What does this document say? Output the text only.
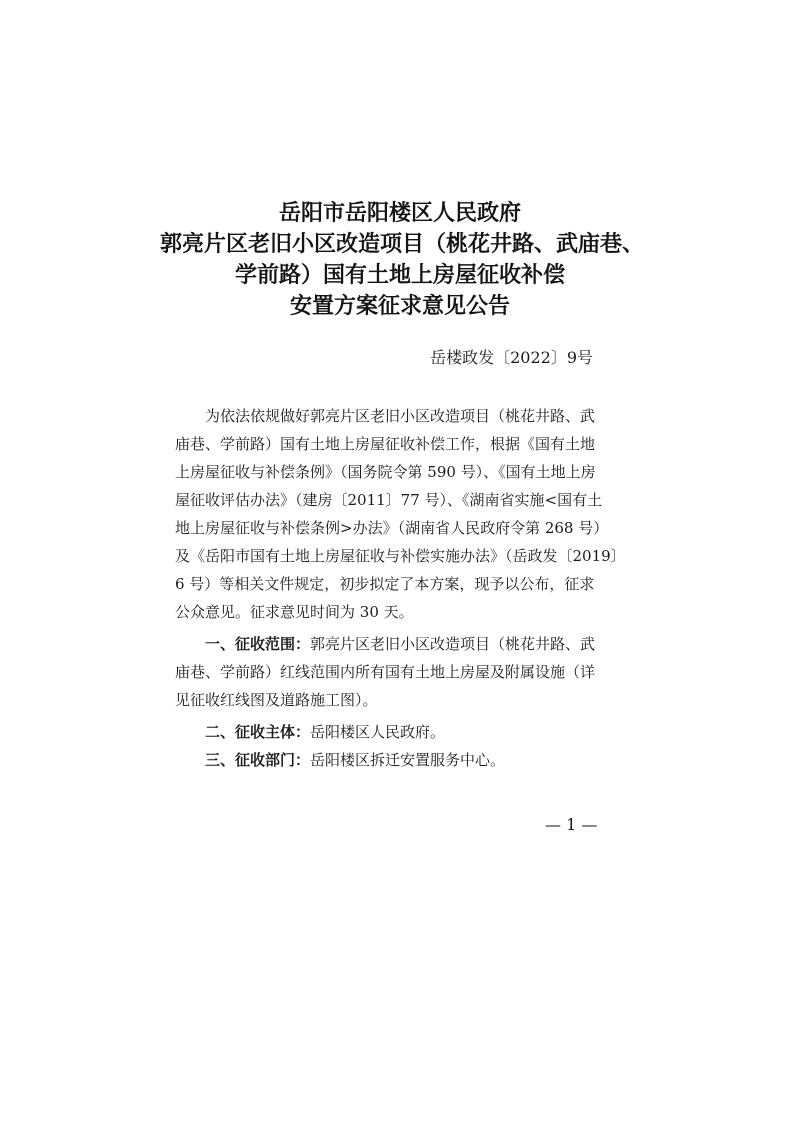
岳阳市岳阳楼区人民政府
郭亮片区老旧小区改造项目（桃花井路、武庙巷、
学前路）国有土地上房屋征收补偿
安置方案征求意见公告
岳楼政发〔2022〕9号
为依法依规做好郭亮片区老旧小区改造项目（桃花井路、武
庙巷、学前路）国有土地上房屋征收补偿工作，根据《国有土地
上房屋征收与补偿条例》（国务院令第 590 号）、《国有土地上房
屋征收评估办法》（建房〔2011〕77 号）、《湖南省实施<国有土
地上房屋征收与补偿条例>办法》（湖南省人民政府令第 268 号）
及《岳阳市国有土地上房屋征收与补偿实施办法》（岳政发〔2019〕
6 号）等相关文件规定，初步拟定了本方案，现予以公布，征求
公众意见。征求意见时间为 30 天。
一、征收范围：郭亮片区老旧小区改造项目（桃花井路、武
庙巷、学前路）红线范围内所有国有土地上房屋及附属设施（详
见征收红线图及道路施工图）。
二、征收主体：岳阳楼区人民政府。
三、征收部门：岳阳楼区拆迁安置服务中心。
— 1 —
